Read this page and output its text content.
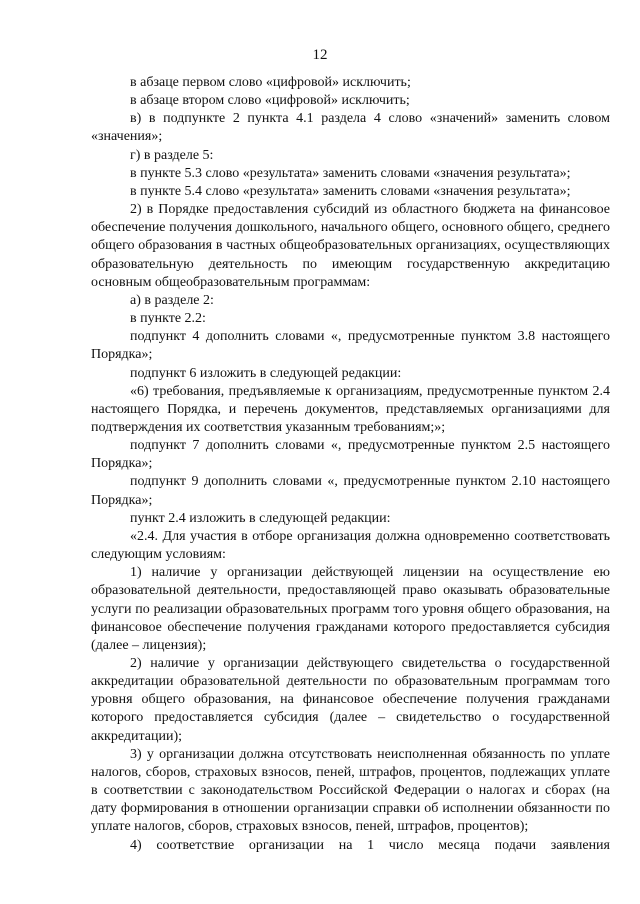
12

в абзаце первом слово «цифровой» исключить;

в абзаце втором слово «цифровой» исключить;

в) в подпункте 2 пункта 4.1 раздела 4 слово «значений» заменить словом «значения»;

г) в разделе 5:

в пункте 5.3 слово «результата» заменить словами «значения результата»;

в пункте 5.4 слово «результата» заменить словами «значения результата»;

2) в Порядке предоставления субсидий из областного бюджета на финансовое обеспечение получения дошкольного, начального общего, основного общего, среднего общего образования в частных общеобразовательных организациях, осуществляющих образовательную деятельность по имеющим государственную аккредитацию основным общеобразовательным программам:

а) в разделе 2:

в пункте 2.2:

подпункт 4 дополнить словами «, предусмотренные пунктом 3.8 настоящего Порядка»;

подпункт 6 изложить в следующей редакции:

«6) требования, предъявляемые к организациям, предусмотренные пунктом 2.4 настоящего Порядка, и перечень документов, представляемых организациями для подтверждения их соответствия указанным требованиям;»;

подпункт 7 дополнить словами «, предусмотренные пунктом 2.5 настоящего Порядка»;

подпункт 9 дополнить словами «, предусмотренные пунктом 2.10 настоящего Порядка»;

пункт 2.4 изложить в следующей редакции:

«2.4. Для участия в отборе организация должна одновременно соответствовать следующим условиям:

1) наличие у организации действующей лицензии на осуществление ею образовательной деятельности, предоставляющей право оказывать образовательные услуги по реализации образовательных программ того уровня общего образования, на финансовое обеспечение получения гражданами которого предоставляется субсидия (далее – лицензия);

2) наличие у организации действующего свидетельства о государственной аккредитации образовательной деятельности по образовательным программам того уровня общего образования, на финансовое обеспечение получения гражданами которого предоставляется субсидия (далее – свидетельство о государственной аккредитации);

3) у организации должна отсутствовать неисполненная обязанность по уплате налогов, сборов, страховых взносов, пеней, штрафов, процентов, подлежащих уплате в соответствии с законодательством Российской Федерации о налогах и сборах (на дату формирования в отношении организации справки об исполнении обязанности по уплате налогов, сборов, страховых взносов, пеней, штрафов, процентов);

4) соответствие организации на 1 число месяца подачи заявления
